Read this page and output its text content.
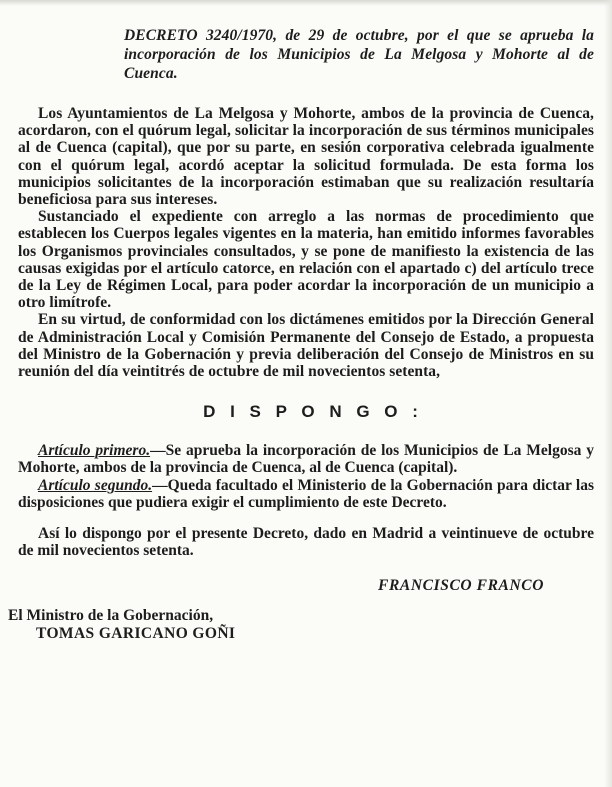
DECRETO 3240/1970, de 29 de octubre, por el que se aprueba la incorporación de los Municipios de La Melgosa y Mohorte al de Cuenca.

Los Ayuntamientos de La Melgosa y Mohorte, ambos de la provincia de Cuenca, acordaron, con el quórum legal, solicitar la incorporación de sus términos municipales al de Cuenca (capital), que por su parte, en sesión corporativa celebrada igualmente con el quórum legal, acordó aceptar la solicitud formulada. De esta forma los municipios solicitantes de la incorporación estimaban que su realización resultaría beneficiosa para sus intereses.

Sustanciado el expediente con arreglo a las normas de procedimiento que establecen los Cuerpos legales vigentes en la materia, han emitido informes favorables los Organismos provinciales consultados, y se pone de manifiesto la existencia de las causas exigidas por el artículo catorce, en relación con el apartado c) del artículo trece de la Ley de Régimen Local, para poder acordar la incorporación de un municipio a otro limítrofe.

En su virtud, de conformidad con los dictámenes emitidos por la Dirección General de Administración Local y Comisión Permanente del Consejo de Estado, a propuesta del Ministro de la Gobernación y previa deliberación del Consejo de Ministros en su reunión del día veintitrés de octubre de mil novecientos setenta,

D I S P O N G O :

Artículo primero.—Se aprueba la incorporación de los Municipios de La Melgosa y Mohorte, ambos de la provincia de Cuenca, al de Cuenca (capital).

Artículo segundo.—Queda facultado el Ministerio de la Gobernación para dictar las disposiciones que pudiera exigir el cumplimiento de este Decreto.

Así lo dispongo por el presente Decreto, dado en Madrid a veintinueve de octubre de mil novecientos setenta.

FRANCISCO FRANCO
El Ministro de la Gobernación,
TOMAS GARICANO GOÑI
